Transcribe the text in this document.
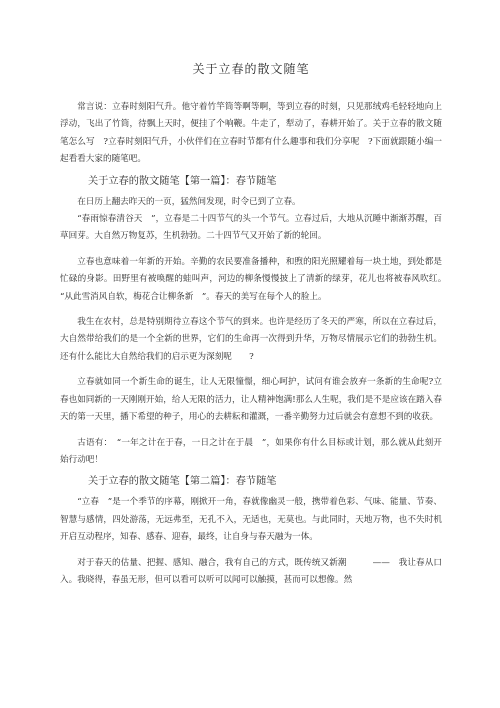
关于立春的散文随笔

常言说：立春时刻阳气升。他守着竹竿筒等啊等啊，等到立春的时刻，只见那绒鸡毛轻轻地向上浮动，飞出了竹筒，待飘上天时，便挂了个响鞭。牛走了，犁动了，春耕开始了。关于立春的散文随笔怎么写　?立春时刻阳气升，小伙伴们在立春时节都有什么趣事和我们分享呢　?下面就跟随小编一起看看大家的随笔吧。

关于立春的散文随笔【第一篇】：春节随笔

在日历上翻去昨天的一页，猛然间发现，时令已到了立春。

“春雨惊春清谷天　”，立春是二十四节气的头一个节气。立春过后，大地从沉睡中渐渐苏醒，百草回芽。大自然万物复苏，生机勃勃。二十四节气又开始了新的轮回。

立春也意味着一年新的开始。辛勤的农民要准备播种，和煦的阳光照耀着每一块土地，到处都是忙碌的身影。田野里有被唤醒的蛙叫声，河边的柳条慢慢披上了清新的绿芽，花儿也将被春风吹红。　“从此雪消风自软，梅花合让柳条新　”。春天的美写在每个人的脸上。

我生在农村，总是特别期待立春这个节气的到来。也许是经历了冬天的严寒，所以在立春过后，大自然带给我们的是一个全新的世界，它们的生命再一次得到升华，万物尽情展示它们的勃勃生机。还有什么能比大自然给我们的启示更为深刻呢　　?

立春就如同一个新生命的诞生，让人无限憧憬，细心呵护，试问有谁会放弃一条新的生命呢?立春也如同新的一天刚刚开始，给人无限的活力，让人精神饱满!那么人生呢，我们是不是应该在踏入春天的第一天里，播下希望的种子，用心的去耕耘和灌溉，一番辛勤努力过后就会有意想不到的收获。

古语有：　“一年之计在于春，一日之计在于晨　”，如果你有什么目标或计划，那么就从此刻开始行动吧！

关于立春的散文随笔【第二篇】：春节随笔

“立春　”是一个季节的序幕，刚掀开一角，春就像幽灵一般，携带着色彩、气味、能量、节奏、智慧与感情，四处游荡，无远弗至，无孔不入，无适也，无莫也。与此同时，天地万物，也不失时机开启互动程序，知春、感春、迎春，最终，让自身与春天融为一体。

对于春天的估量、把握、感知、融合，我有自己的方式，既传统又新潮　　　——　我让春从口入。我晓得，春虽无形，但可以看可以听可以闻可以触摸，甚而可以想像。然
